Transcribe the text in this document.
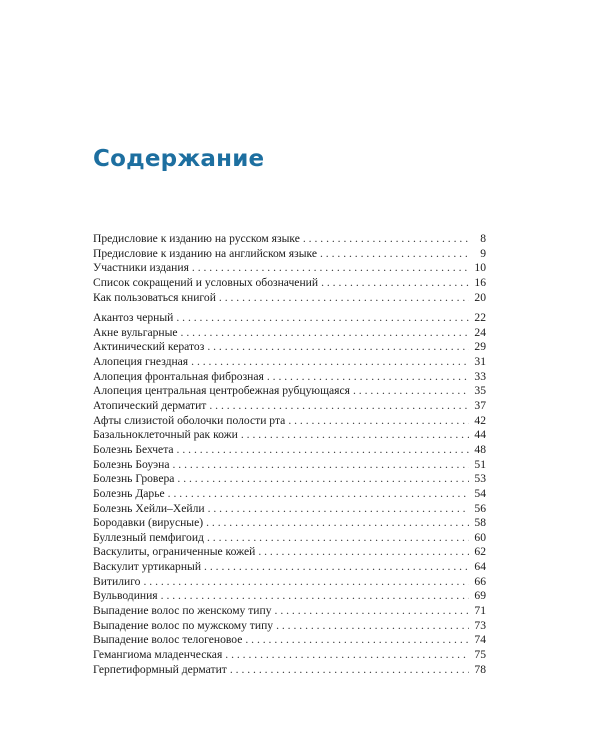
Содержание
Предисловие к изданию на русском языке . . .	8
Предисловие к изданию на английском языке . . .	9
Участники издания . . .	10
Список сокращений и условных обозначений . . .	16
Как пользоваться книгой . . .	20
Акантоз черный . . .	22
Акне вульгарные . . .	24
Актинический кератоз . . .	29
Алопеция гнездная . . .	31
Алопеция фронтальная фиброзная . . .	33
Алопеция центральная центробежная рубцующаяся . . .	35
Атопический дерматит . . .	37
Афты слизистой оболочки полости рта . . .	42
Базальноклеточный рак кожи . . .	44
Болезнь Бехчета . . .	48
Болезнь Боуэна . . .	51
Болезнь Гровера . . .	53
Болезнь Дарье . . .	54
Болезнь Хейли–Хейли . . .	56
Бородавки (вирусные) . . .	58
Буллезный пемфигоид . . .	60
Васкулиты, ограниченные кожей . . .	62
Васкулит уртикарный . . .	64
Витилиго . . .	66
Вульводиния . . .	69
Выпадение волос по женскому типу . . .	71
Выпадение волос по мужскому типу . . .	73
Выпадение волос телогеновое . . .	74
Гемангиома младенческая . . .	75
Герпетиформный дерматит . . .	78
